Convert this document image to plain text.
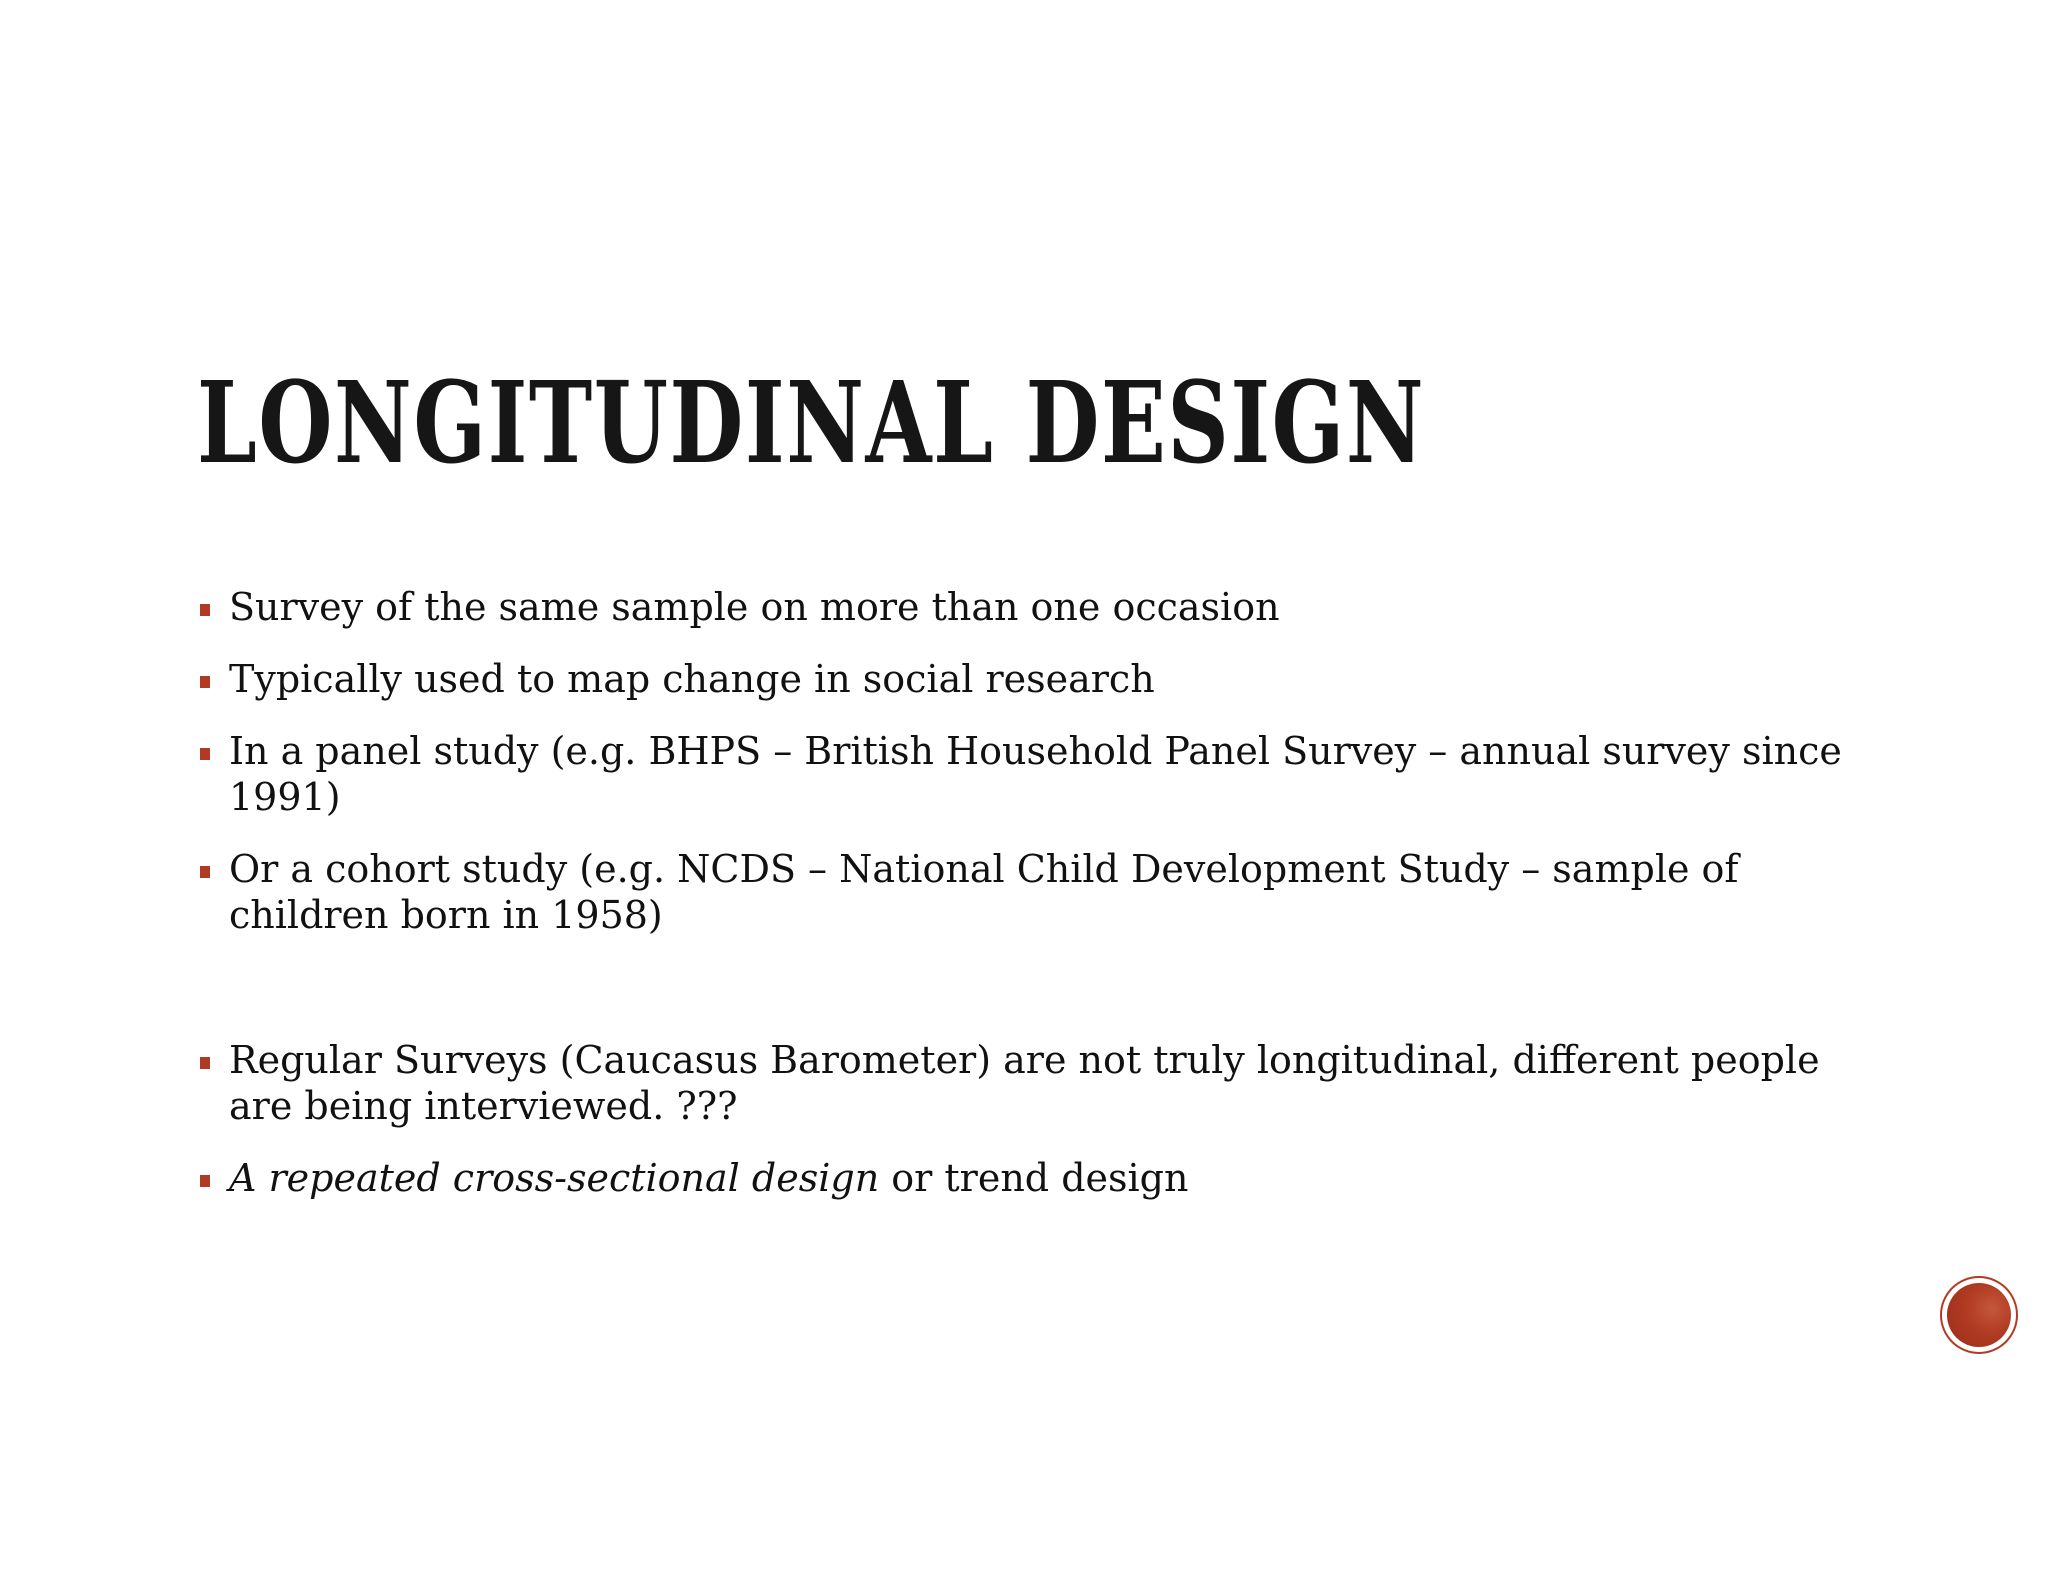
LONGITUDINAL DESIGN
Survey of the same sample on more than one occasion
Typically used to map change in social research
In a panel study (e.g. BHPS – British Household Panel Survey – annual survey since
1991)
Or a cohort study (e.g. NCDS – National Child Development Study – sample of
children born in 1958)
Regular Surveys (Caucasus Barometer) are not truly longitudinal, different people
are being interviewed. ???
A repeated cross-sectional design or trend design
